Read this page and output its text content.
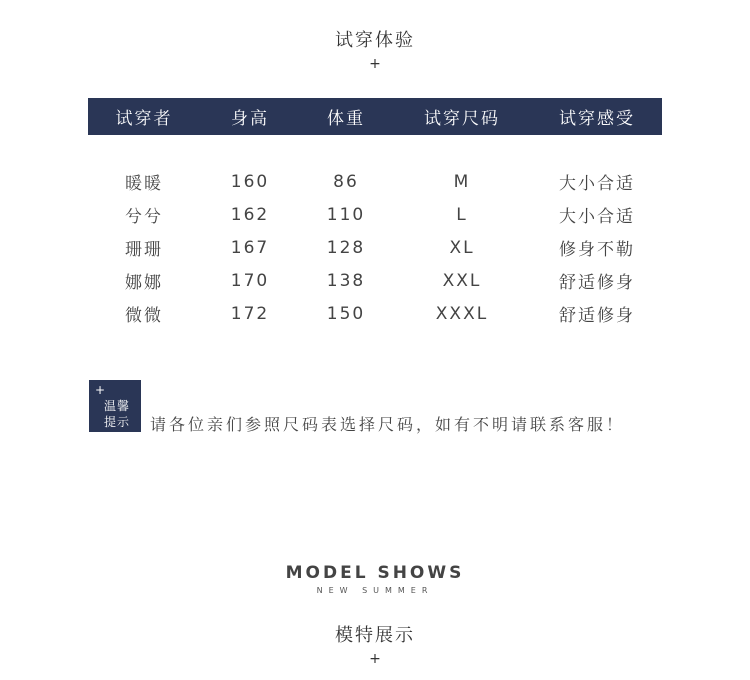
试穿体验
+
试穿者	身高	体重	试穿尺码	试穿感受
暖暖	160	86	M	大小合适
兮兮	162	110	L	大小合适
珊珊	167	128	XL	修身不勒
娜娜	170	138	XXL	舒适修身
微微	172	150	XXXL	舒适修身
+
温馨
提示 请各位亲们参照尺码表选择尺码，如有不明请联系客服！
MODEL SHOWS
NEW SUMMER
模特展示
+
